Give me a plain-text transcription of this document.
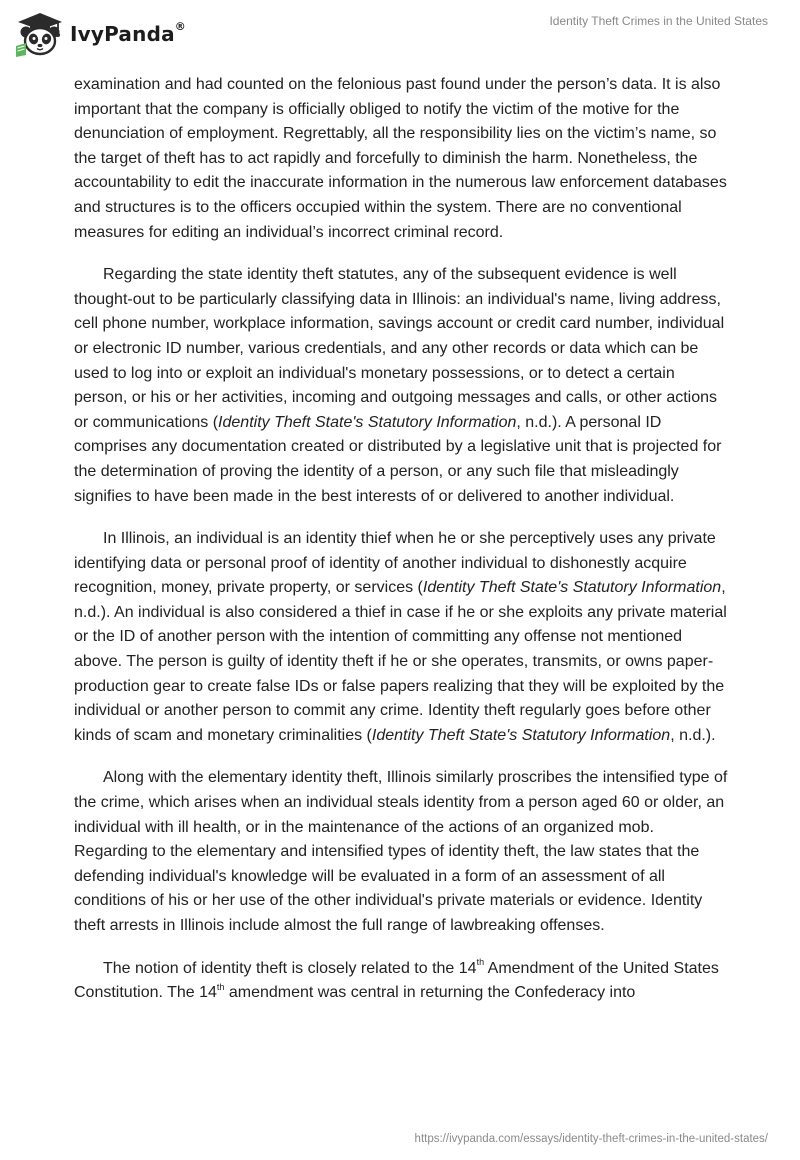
IvyPanda®	Identity Theft Crimes in the United States

examination and had counted on the felonious past found under the person’s data. It is also important that the company is officially obliged to notify the victim of the motive for the denunciation of employment. Regrettably, all the responsibility lies on the victim’s name, so the target of theft has to act rapidly and forcefully to diminish the harm. Nonetheless, the accountability to edit the inaccurate information in the numerous law enforcement databases and structures is to the officers occupied within the system. There are no conventional measures for editing an individual’s incorrect criminal record.

Regarding the state identity theft statutes, any of the subsequent evidence is well thought-out to be particularly classifying data in Illinois: an individual's name, living address, cell phone number, workplace information, savings account or credit card number, individual or electronic ID number, various credentials, and any other records or data which can be used to log into or exploit an individual's monetary possessions, or to detect a certain person, or his or her activities, incoming and outgoing messages and calls, or other actions or communications (Identity Theft State's Statutory Information, n.d.). A personal ID comprises any documentation created or distributed by a legislative unit that is projected for the determination of proving the identity of a person, or any such file that misleadingly signifies to have been made in the best interests of or delivered to another individual.

In Illinois, an individual is an identity thief when he or she perceptively uses any private identifying data or personal proof of identity of another individual to dishonestly acquire recognition, money, private property, or services (Identity Theft State's Statutory Information, n.d.). An individual is also considered a thief in case if he or she exploits any private material or the ID of another person with the intention of committing any offense not mentioned above. The person is guilty of identity theft if he or she operates, transmits, or owns paper-production gear to create false IDs or false papers realizing that they will be exploited by the individual or another person to commit any crime. Identity theft regularly goes before other kinds of scam and monetary criminalities (Identity Theft State's Statutory Information, n.d.).

Along with the elementary identity theft, Illinois similarly proscribes the intensified type of the crime, which arises when an individual steals identity from a person aged 60 or older, an individual with ill health, or in the maintenance of the actions of an organized mob. Regarding to the elementary and intensified types of identity theft, the law states that the defending individual's knowledge will be evaluated in a form of an assessment of all conditions of his or her use of the other individual's private materials or evidence. Identity theft arrests in Illinois include almost the full range of lawbreaking offenses.

The notion of identity theft is closely related to the 14th Amendment of the United States Constitution. The 14th amendment was central in returning the Confederacy into

https://ivypanda.com/essays/identity-theft-crimes-in-the-united-states/
